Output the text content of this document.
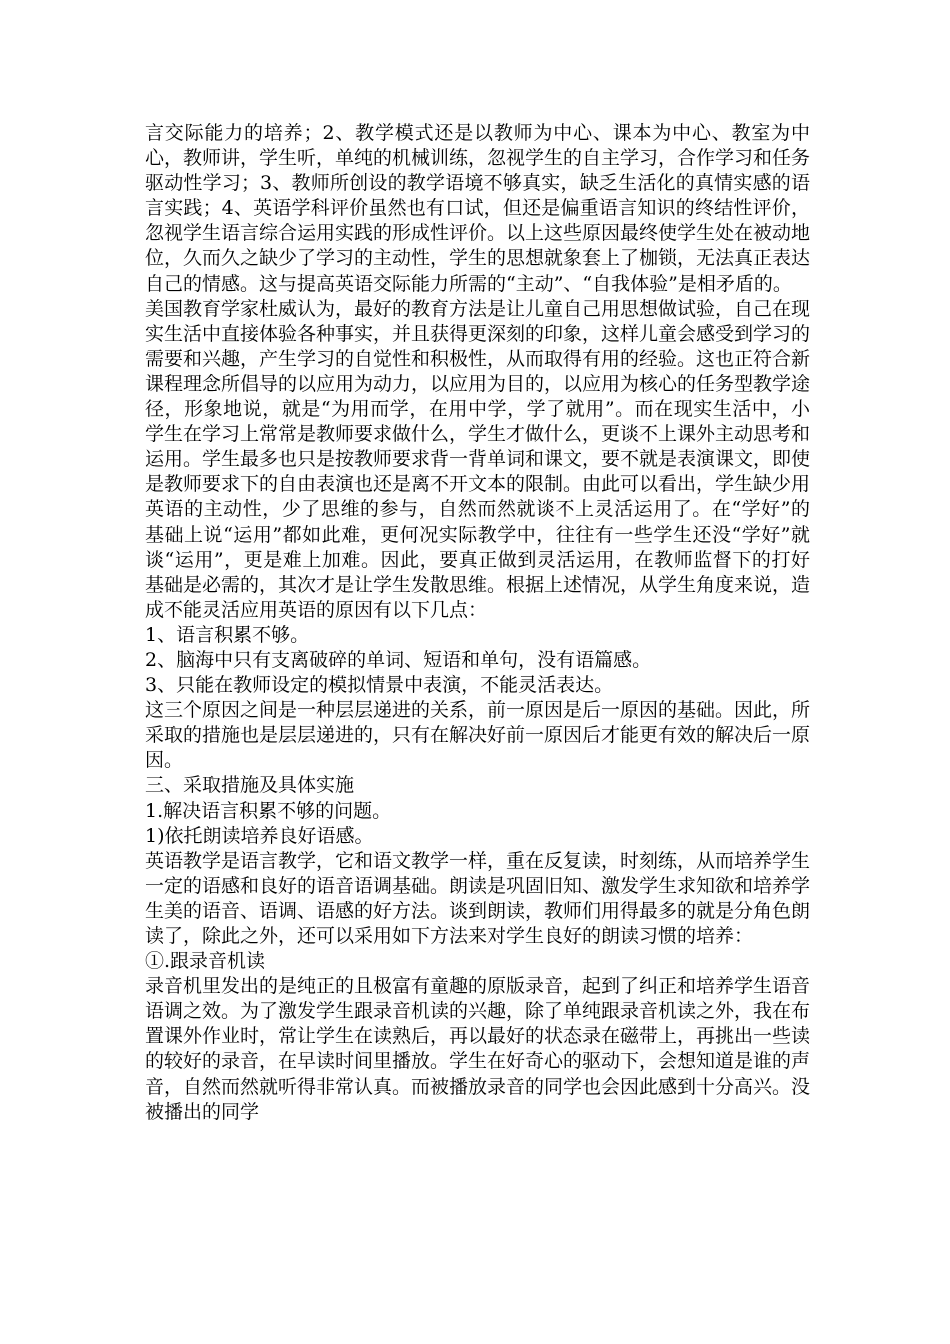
言交际能力的培养；2、教学模式还是以教师为中心、课本为中心、教室为中心，教师讲，学生听，单纯的机械训练，忽视学生的自主学习，合作学习和任务驱动性学习；3、教师所创设的教学语境不够真实，缺乏生活化的真情实感的语言实践；4、英语学科评价虽然也有口试，但还是偏重语言知识的终结性评价，忽视学生语言综合运用实践的形成性评价。以上这些原因最终使学生处在被动地位，久而久之缺少了学习的主动性，学生的思想就象套上了枷锁，无法真正表达自己的情感。这与提高英语交际能力所需的“主动”、“自我体验”是相矛盾的。

美国教育学家杜威认为，最好的教育方法是让儿童自己用思想做试验，自己在现实生活中直接体验各种事实，并且获得更深刻的印象，这样儿童会感受到学习的需要和兴趣，产生学习的自觉性和积极性，从而取得有用的经验。这也正符合新课程理念所倡导的以应用为动力，以应用为目的，以应用为核心的任务型教学途径，形象地说，就是“为用而学，在用中学，学了就用”。而在现实生活中，小学生在学习上常常是教师要求做什么，学生才做什么，更谈不上课外主动思考和运用。学生最多也只是按教师要求背一背单词和课文，要不就是表演课文，即使是教师要求下的自由表演也还是离不开文本的限制。由此可以看出，学生缺少用英语的主动性，少了思维的参与，自然而然就谈不上灵活运用了。在“学好”的基础上说“运用”都如此难，更何况实际教学中，往往有一些学生还没“学好”就谈“运用”，更是难上加难。因此，要真正做到灵活运用，在教师监督下的打好基础是必需的，其次才是让学生发散思维。根据上述情况，从学生角度来说，造成不能灵活应用英语的原因有以下几点：

1、语言积累不够。

2、脑海中只有支离破碎的单词、短语和单句，没有语篇感。

3、只能在教师设定的模拟情景中表演，不能灵活表达。

这三个原因之间是一种层层递进的关系，前一原因是后一原因的基础。因此，所采取的措施也是层层递进的，只有在解决好前一原因后才能更有效的解决后一原因。

三、采取措施及具体实施

1.解决语言积累不够的问题。

1)依托朗读培养良好语感。

英语教学是语言教学，它和语文教学一样，重在反复读，时刻练，从而培养学生一定的语感和良好的语音语调基础。朗读是巩固旧知、激发学生求知欲和培养学生美的语音、语调、语感的好方法。谈到朗读，教师们用得最多的就是分角色朗读了，除此之外，还可以采用如下方法来对学生良好的朗读习惯的培养：

①.跟录音机读

录音机里发出的是纯正的且极富有童趣的原版录音，起到了纠正和培养学生语音语调之效。为了激发学生跟录音机读的兴趣，除了单纯跟录音机读之外，我在布置课外作业时，常让学生在读熟后，再以最好的状态录在磁带上，再挑出一些读的较好的录音，在早读时间里播放。学生在好奇心的驱动下，会想知道是谁的声音，自然而然就听得非常认真。而被播放录音的同学也会因此感到十分高兴。没被播出的同学
